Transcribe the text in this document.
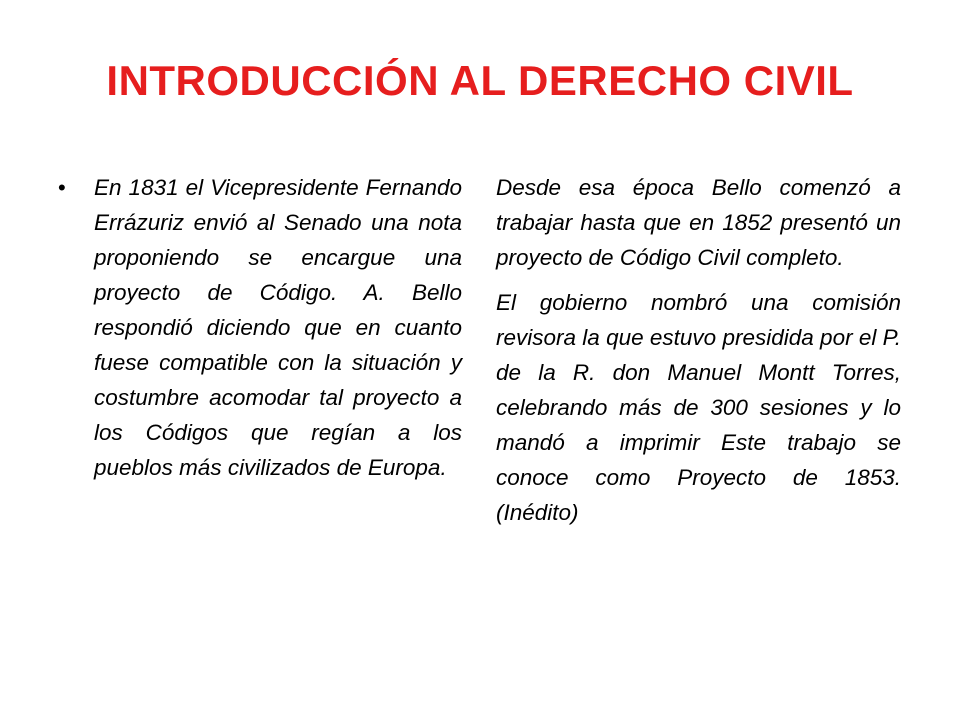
INTRODUCCIÓN AL DERECHO CIVIL
• En 1831 el Vicepresidente Fernando Errázuriz envió al Senado una nota proponiendo se encargue una proyecto de Código. A. Bello respondió diciendo que en cuanto fuese compatible con la situación y costumbre acomodar tal proyecto a los Códigos que regían a los pueblos más civilizados de Europa.

Desde esa época Bello comenzó a trabajar hasta que en 1852 presentó un proyecto de Código Civil completo.

El gobierno nombró una comisión revisora la que estuvo presidida por el P. de la R. don Manuel Montt Torres, celebrando más de 300 sesiones y lo mandó a imprimir Este trabajo se conoce como Proyecto de 1853. (Inédito)
